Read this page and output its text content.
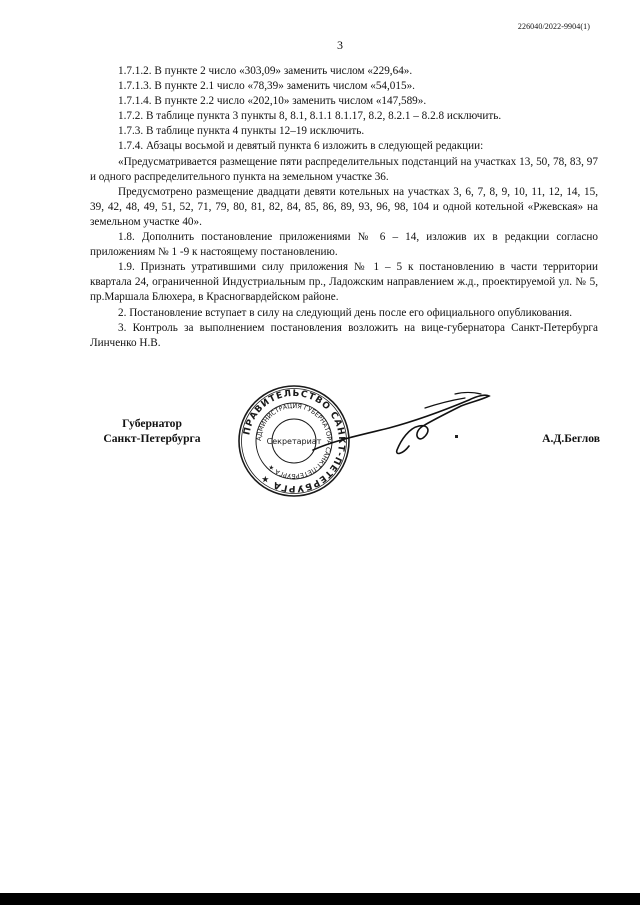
226040/2022-9904(1)
3

1.7.1.2. В пункте 2 число «303,09» заменить числом «229,64».

1.7.1.3. В пункте 2.1 число «78,39» заменить числом «54,015».

1.7.1.4. В пункте 2.2 число «202,10» заменить числом «147,589».

1.7.2. В таблице пункта 3 пункты 8, 8.1, 8.1.1 8.1.17, 8.2, 8.2.1 – 8.2.8 исключить.

1.7.3. В таблице пункта 4 пункты 12–19 исключить.

1.7.4. Абзацы восьмой и девятый пункта 6 изложить в следующей редакции:

«Предусматривается размещение пяти распределительных подстанций на участках 13, 50, 78, 83, 97 и одного распределительного пункта на земельном участке 36.

Предусмотрено размещение двадцати девяти котельных на участках 3, 6, 7, 8, 9, 10, 11, 12, 14, 15, 39, 42, 48, 49, 51, 52, 71, 79, 80, 81, 82, 84, 85, 86, 89, 93, 96, 98, 104 и одной котельной «Ржевская» на земельном участке 40».

1.8. Дополнить постановление приложениями № 6 – 14, изложив их в редакции согласно приложениям № 1 -9 к настоящему постановлению.

1.9. Признать утратившими силу приложения № 1 – 5 к постановлению в части территории квартала 24, ограниченной Индустриальным пр., Ладожским направлением ж.д., проектируемой ул. № 5, пр.Маршала Блюхера, в Красногвардейском районе.

2. Постановление вступает в силу на следующий день после его официального опубликования.

3. Контроль за выполнением постановления возложить на вице-губернатора Санкт-Петербурга Линченко Н.В.

ПРАВИТЕЛЬСТВО САНКТ-ПЕТЕРБУРГА ★
АДМИНИСТРАЦИЯ ГУБЕРНАТОРА САНКТ-ПЕТЕРБУРГА ★
Секретариат
Губернатор
Санкт-Петербурга	А.Д.Беглов
